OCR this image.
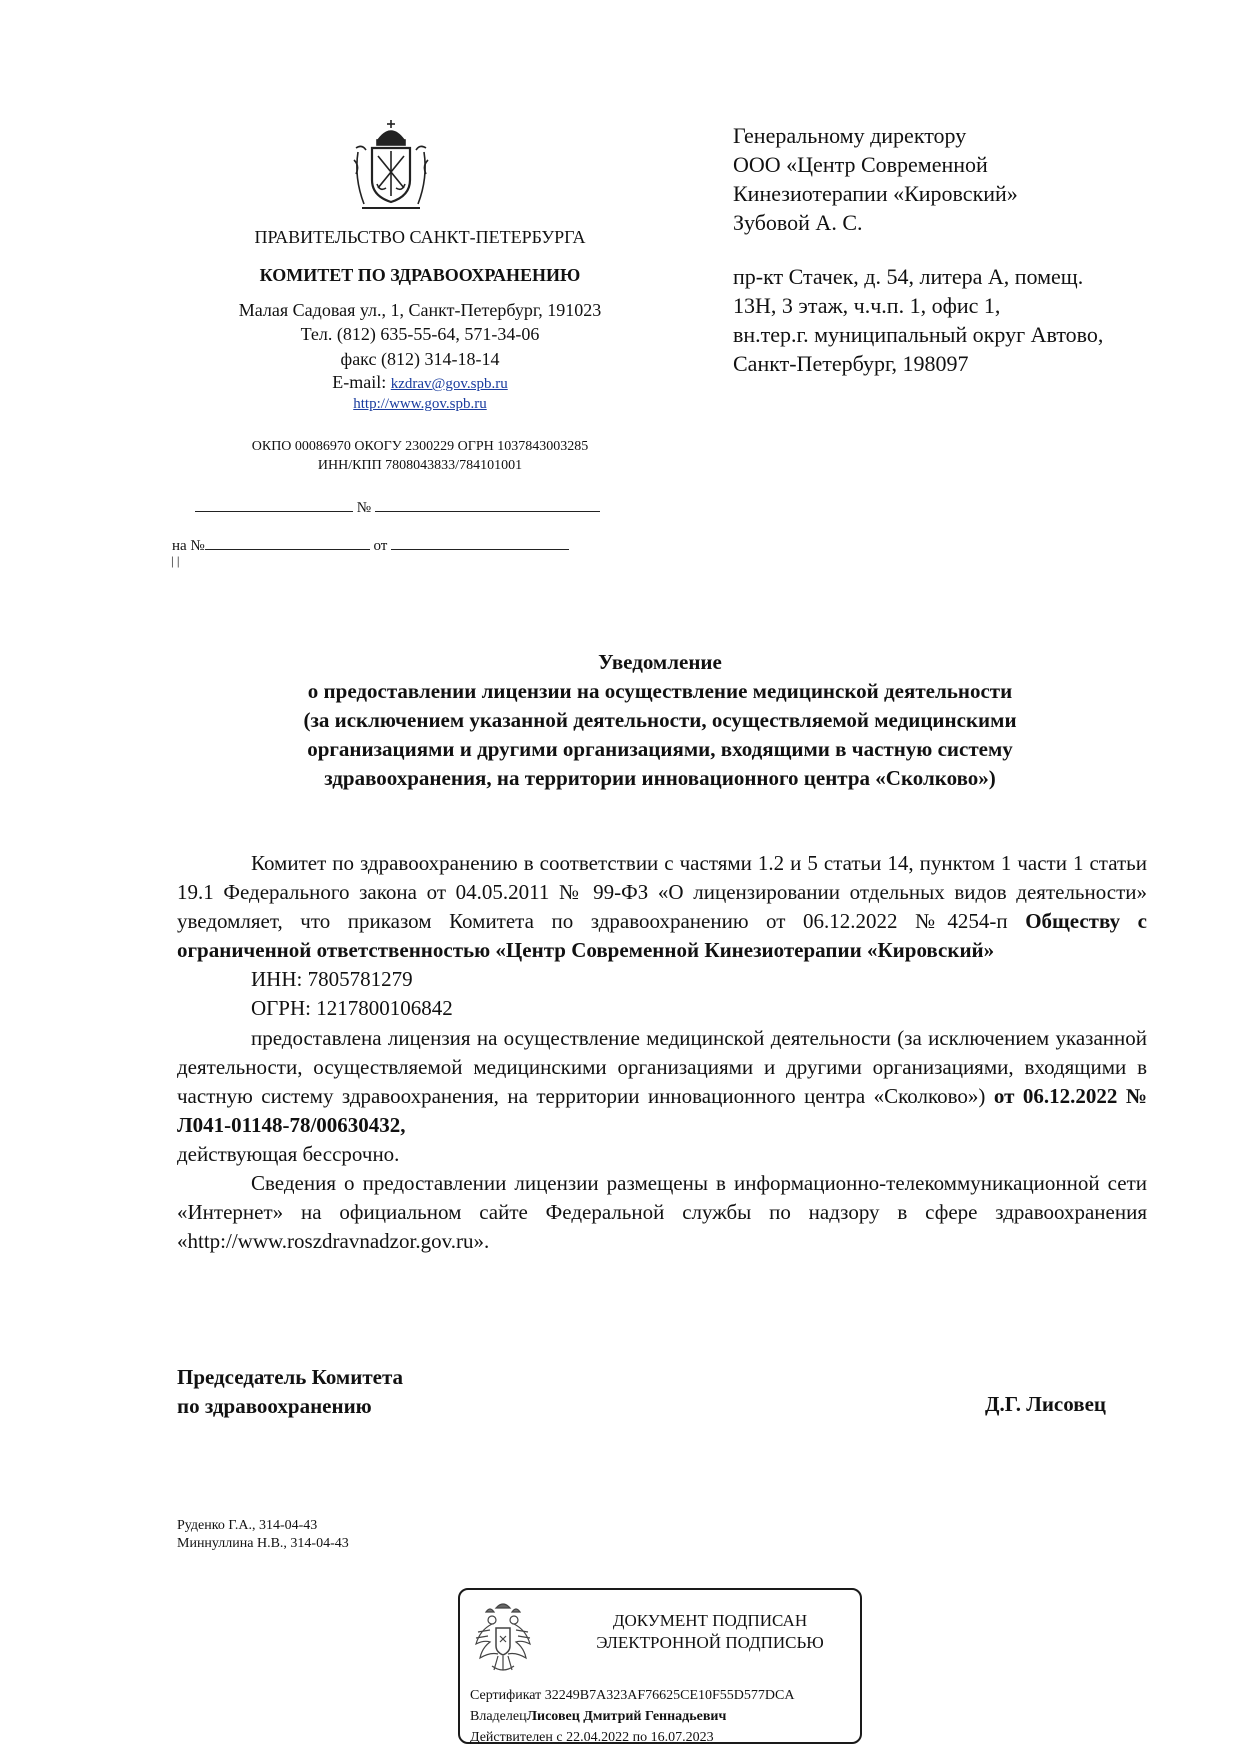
ПРАВИТЕЛЬСТВО САНКТ-ПЕТЕРБУРГА
КОМИТЕТ ПО ЗДРАВООХРАНЕНИЮ
Малая Садовая ул., 1, Санкт-Петербург, 191023
Тел. (812) 635-55-64, 571-34-06
факс (812) 314-18-14
E-mail: kzdrav@gov.spb.ru
http://www.gov.spb.ru
ОКПО 00086970 ОКОГУ 2300229 ОГРН 1037843003285
ИНН/КПП 7808043833/784101001
№
на №	от
| |
Генеральному директору
ООО «Центр Современной
Кинезиотерапии «Кировский»
Зубовой А. С.
пр-кт Стачек, д. 54, литера А, помещ.
13Н, 3 этаж, ч.ч.п. 1, офис 1,
вн.тер.г. муниципальный округ Автово,
Санкт-Петербург, 198097
Уведомление
о предоставлении лицензии на осуществление медицинской деятельности
(за исключением указанной деятельности, осуществляемой медицинскими
организациями и другими организациями, входящими в частную систему
здравоохранения, на территории инновационного центра «Сколково»)

Комитет по здравоохранению в соответствии с частями 1.2 и 5 статьи 14, пунктом 1 части 1 статьи 19.1 Федерального закона от 04.05.2011 № 99-ФЗ «О лицензировании отдельных видов деятельности» уведомляет, что приказом Комитета по здравоохранению от 06.12.2022 №4254-п Обществу с ограниченной ответственностью «Центр Современной Кинезиотерапии «Кировский»

ИНН: 7805781279

ОГРН: 1217800106842

предоставлена лицензия на осуществление медицинской деятельности (за исключением указанной деятельности, осуществляемой медицинскими организациями и другими организациями, входящими в частную систему здравоохранения, на территории инновационного центра «Сколково») от 06.12.2022 № Л041-01148-78/00630432,

действующая бессрочно.

Сведения о предоставлении лицензии размещены в информационно-телекоммуникационной сети «Интернет» на официальном сайте Федеральной службы по надзору в сфере здравоохранения «http://www.roszdravnadzor.gov.ru».

Председатель Комитета
по здравоохранению	Д.Г. Лисовец
Руденко Г.А., 314-04-43
Миннуллина Н.В., 314-04-43
ДОКУМЕНТ ПОДПИСАН
ЭЛЕКТРОННОЙ ПОДПИСЬЮ
Сертификат 32249B7A323AF76625CE10F55D577DCA
ВладелецЛисовец Дмитрий Геннадьевич
Действителен с 22.04.2022 по 16.07.2023
